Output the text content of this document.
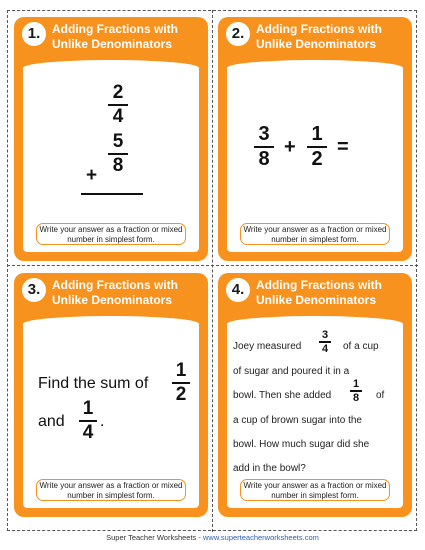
1. Adding Fractions with Unlike Denominators
2
4
+
5
8
Write your answer as a fraction or mixed number in simplest form.
2. Adding Fractions with Unlike Denominators
3
8
+
1
2
=
Write your answer as a fraction or mixed number in simplest form.
3. Adding Fractions with Unlike Denominators
Find the sum of
1
2
and
1
4
.
Write your answer as a fraction or mixed number in simplest form.
4. Adding Fractions with Unlike Denominators
Joey measured
3
4 of a cup
of sugar and poured it in a
bowl. Then she added
1
8 of
a cup of brown sugar into the
bowl. How much sugar did she
add in the bowl?
Write your answer as a fraction or mixed number in simplest form.
Super Teacher Worksheets - www.superteacherworksheets.com
